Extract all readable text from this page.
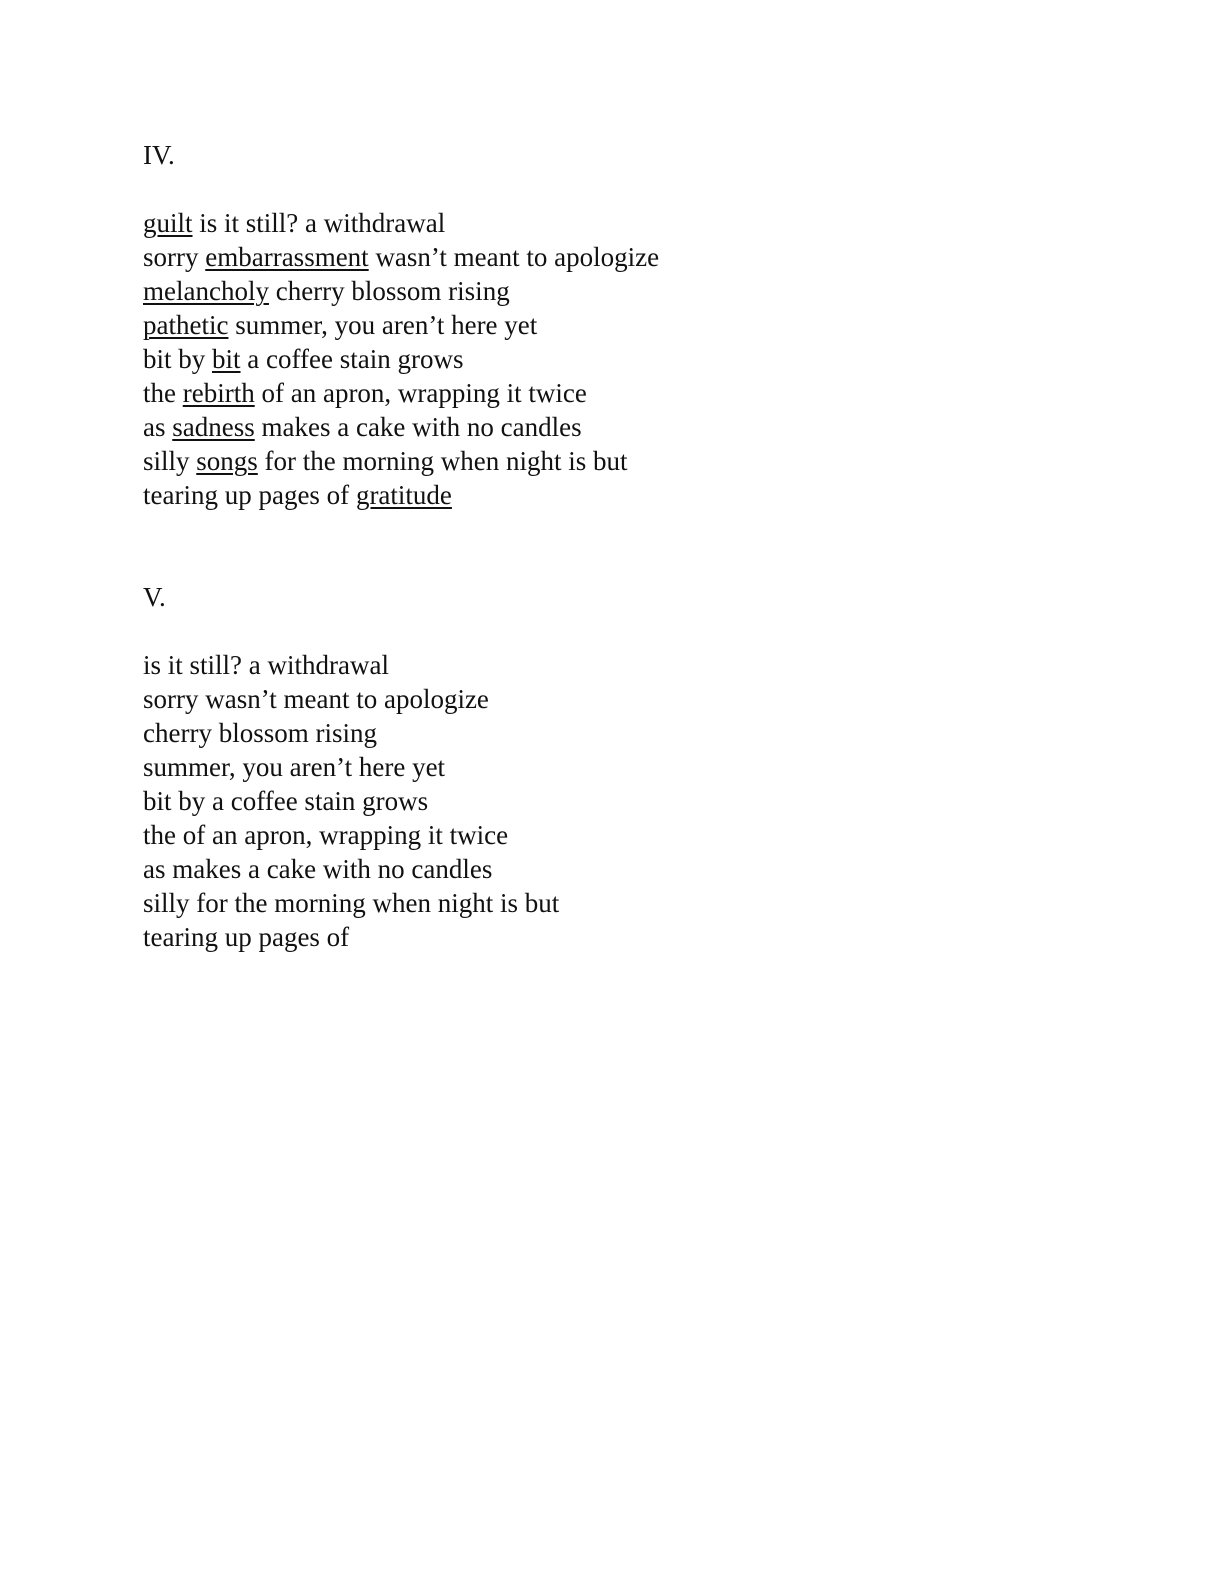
IV.
guilt is it still? a withdrawal
sorry embarrassment wasn’t meant to apologize
melancholy cherry blossom rising
pathetic summer, you aren’t here yet
bit by bit a coffee stain grows
the rebirth of an apron, wrapping it twice
as sadness makes a cake with no candles
silly songs for the morning when night is but
tearing up pages of gratitude
V.
is it still? a withdrawal
sorry wasn’t meant to apologize
cherry blossom rising
summer, you aren’t here yet
bit by a coffee stain grows
the of an apron, wrapping it twice
as makes a cake with no candles
silly for the morning when night is but
tearing up pages of
